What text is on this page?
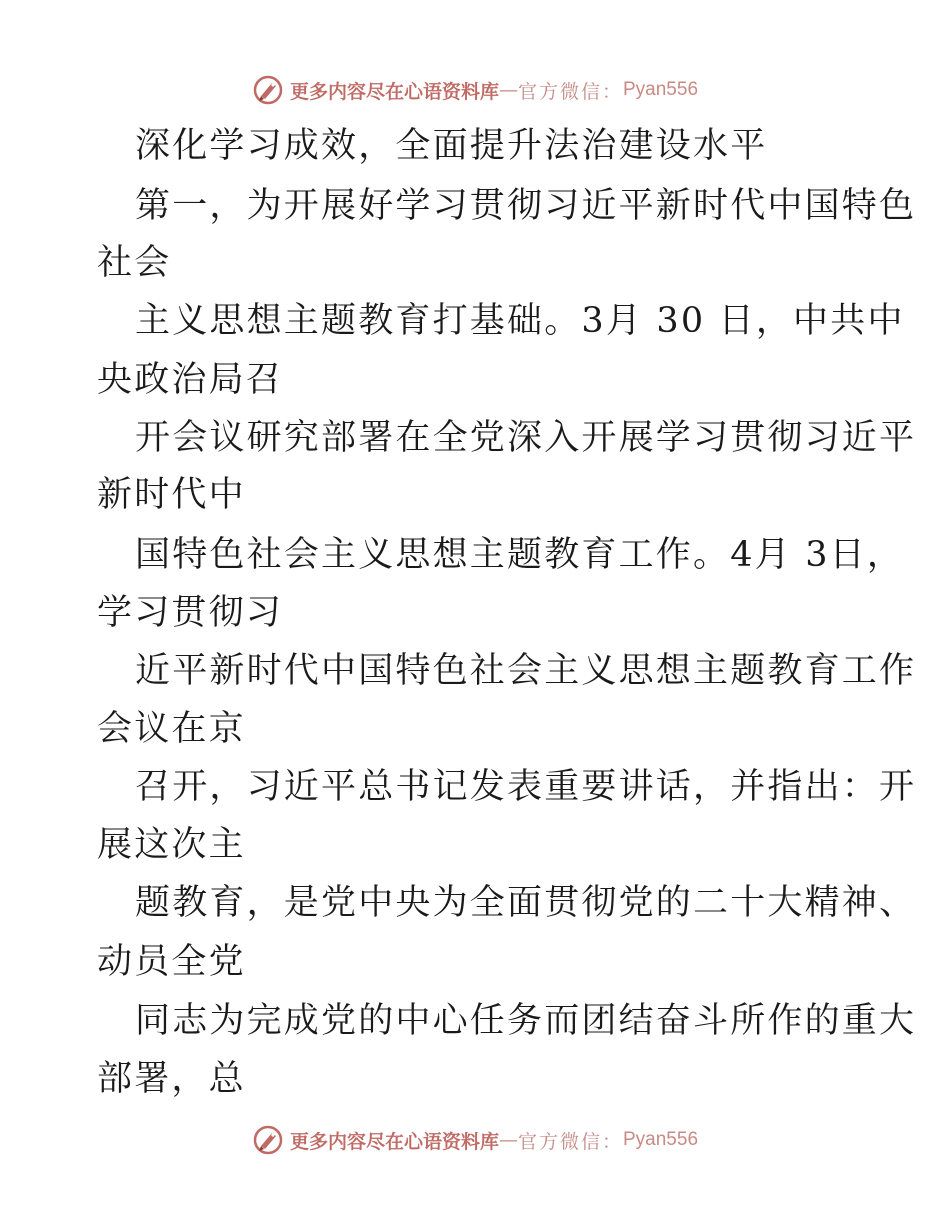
更多内容尽在心语资料库 — 官方微信： Pyan556
深化学习成效，全面提升法治建设水平
第一，为开展好学习贯彻习近平新时代中国特色
社会
主义思想主题教育打基础。3月 30 日，中共中
央政治局召
开会议研究部署在全党深入开展学习贯彻习近平
新时代中
国特色社会主义思想主题教育工作。4月 3日，
学习贯彻习
近平新时代中国特色社会主义思想主题教育工作
会议在京
召开，习近平总书记发表重要讲话，并指出：开
展这次主
题教育，是党中央为全面贯彻党的二十大精神、
动员全党
同志为完成党的中心任务而团结奋斗所作的重大
部署，总
更多内容尽在心语资料库 — 官方微信： Pyan556
